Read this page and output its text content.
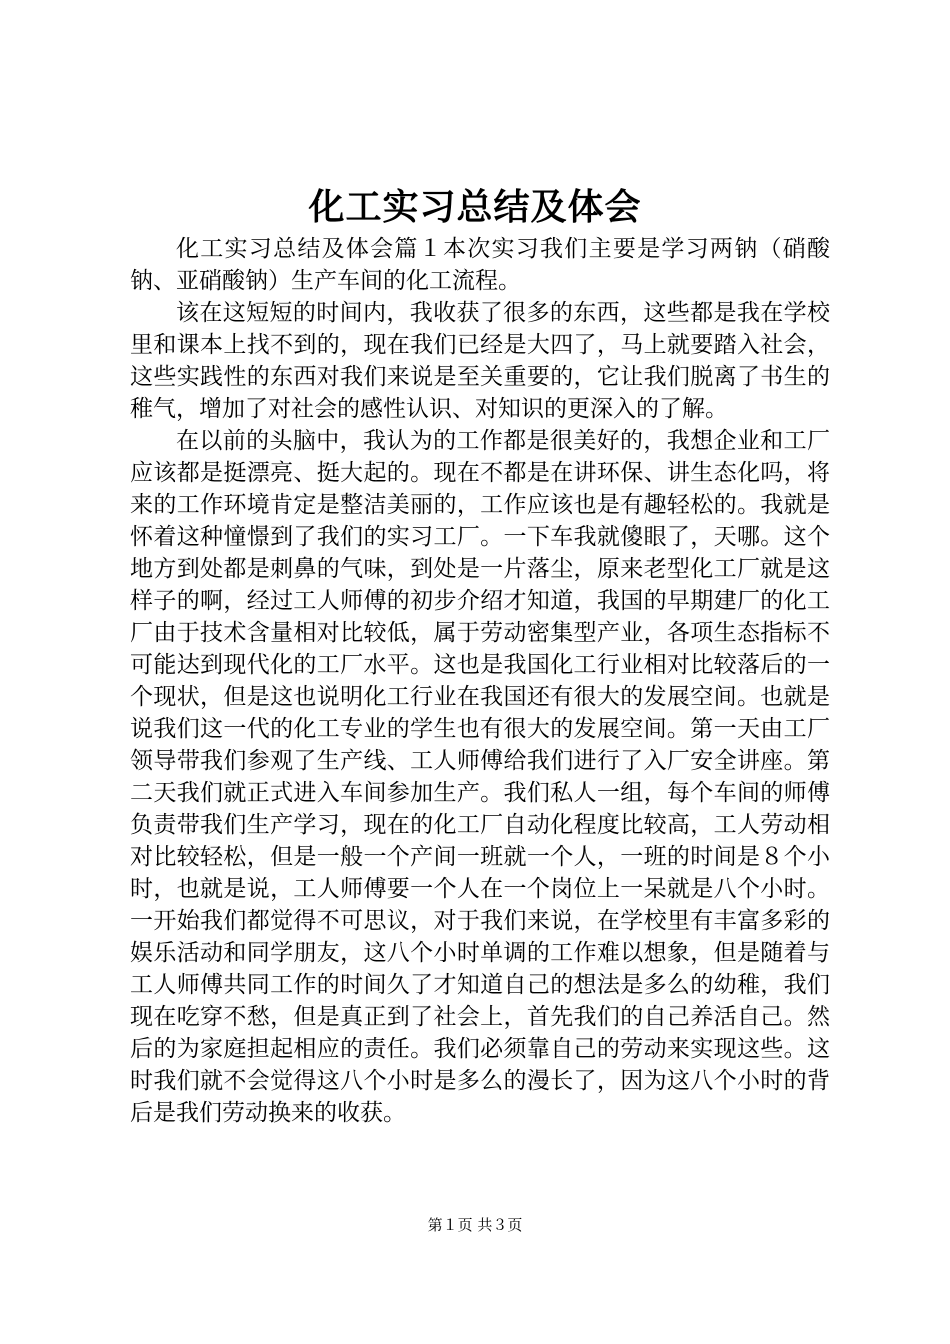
化工实习总结及体会

化工实习总结及体会篇１本次实习我们主要是学习两钠（硝酸钠、亚硝酸钠）生产车间的化工流程。

该在这短短的时间内，我收获了很多的东西，这些都是我在学校里和课本上找不到的，现在我们已经是大四了，马上就要踏入社会，这些实践性的东西对我们来说是至关重要的，它让我们脱离了书生的稚气，增加了对社会的感性认识、对知识的更深入的了解。

在以前的头脑中，我认为的工作都是很美好的，我想企业和工厂应该都是挺漂亮、挺大起的。现在不都是在讲环保、讲生态化吗，将来的工作环境肯定是整洁美丽的，工作应该也是有趣轻松的。我就是怀着这种憧憬到了我们的实习工厂。一下车我就傻眼了，天哪。这个地方到处都是刺鼻的气味，到处是一片落尘，原来老型化工厂就是这样子的啊，经过工人师傅的初步介绍才知道，我国的早期建厂的化工厂由于技术含量相对比较低，属于劳动密集型产业，各项生态指标不可能达到现代化的工厂水平。这也是我国化工行业相对比较落后的一个现状，但是这也说明化工行业在我国还有很大的发展空间。也就是说我们这一代的化工专业的学生也有很大的发展空间。第一天由工厂领导带我们参观了生产线、工人师傅给我们进行了入厂安全讲座。第二天我们就正式进入车间参加生产。我们私人一组，每个车间的师傅负责带我们生产学习，现在的化工厂自动化程度比较高，工人劳动相对比较轻松，但是一般一个产间一班就一个人，一班的时间是８个小时，也就是说，工人师傅要一个人在一个岗位上一呆就是八个小时。一开始我们都觉得不可思议，对于我们来说，在学校里有丰富多彩的娱乐活动和同学朋友，这八个小时单调的工作难以想象，但是随着与工人师傅共同工作的时间久了才知道自己的想法是多么的幼稚，我们现在吃穿不愁，但是真正到了社会上，首先我们的自己养活自己。然后的为家庭担起相应的责任。我们必须靠自己的劳动来实现这些。这时我们就不会觉得这八个小时是多么的漫长了，因为这八个小时的背后是我们劳动换来的收获。

第１页 共３页
